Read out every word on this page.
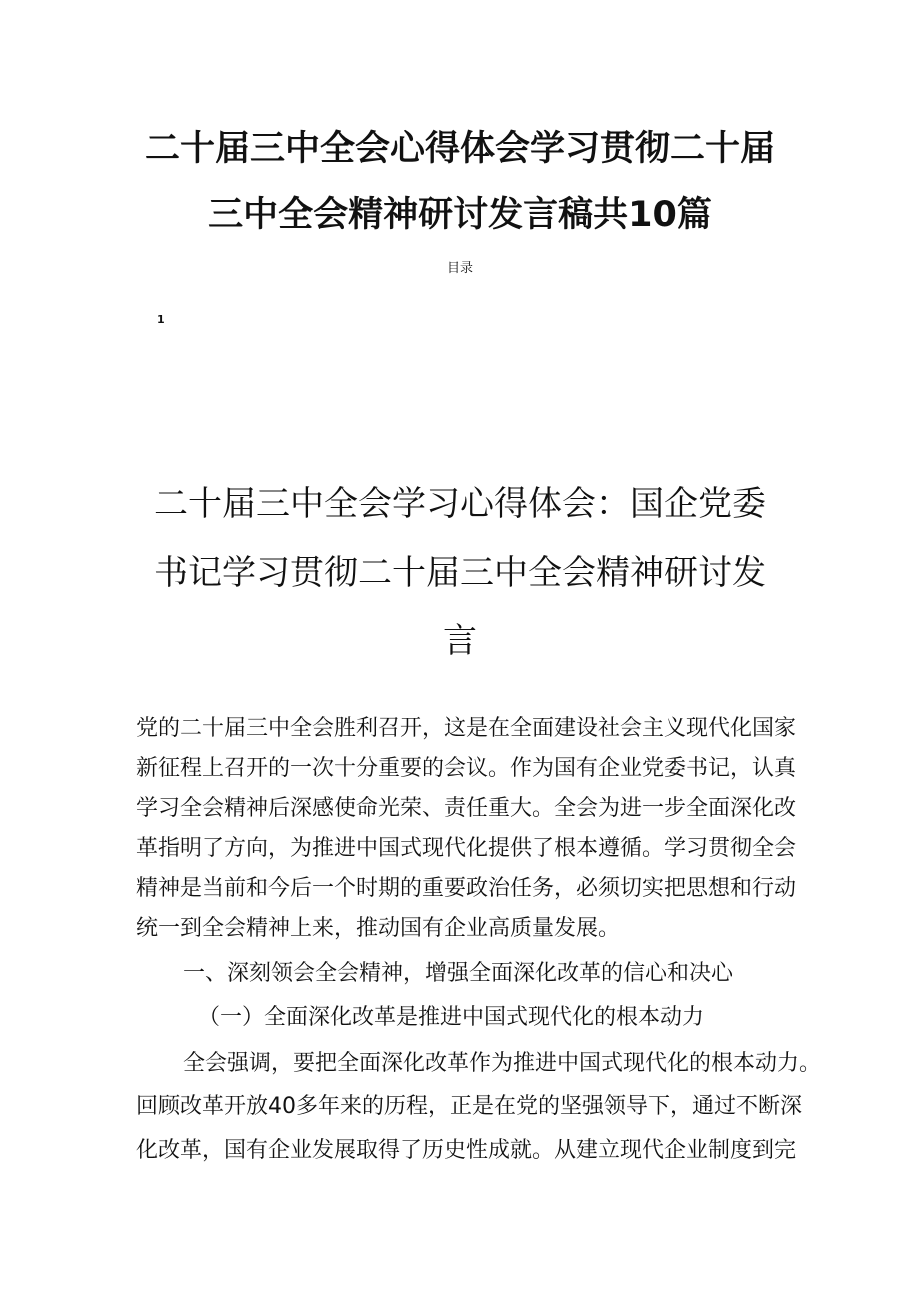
二十届三中全会心得体会学习贯彻二十届
三中全会精神研讨发言稿共10篇
目录
1
二十届三中全会学习心得体会：国企党委
书记学习贯彻二十届三中全会精神研讨发
言
党的二十届三中全会胜利召开，这是在全面建设社会主义现代化国家
新征程上召开的一次十分重要的会议。作为国有企业党委书记，认真
学习全会精神后深感使命光荣、责任重大。全会为进一步全面深化改
革指明了方向，为推进中国式现代化提供了根本遵循。学习贯彻全会
精神是当前和今后一个时期的重要政治任务，必须切实把思想和行动
统一到全会精神上来，推动国有企业高质量发展。
一、深刻领会全会精神，增强全面深化改革的信心和决心
（一）全面深化改革是推进中国式现代化的根本动力
全会强调，要把全面深化改革作为推进中国式现代化的根本动力。
回顾改革开放40多年来的历程，正是在党的坚强领导下，通过不断深
化改革，国有企业发展取得了历史性成就。从建立现代企业制度到完
